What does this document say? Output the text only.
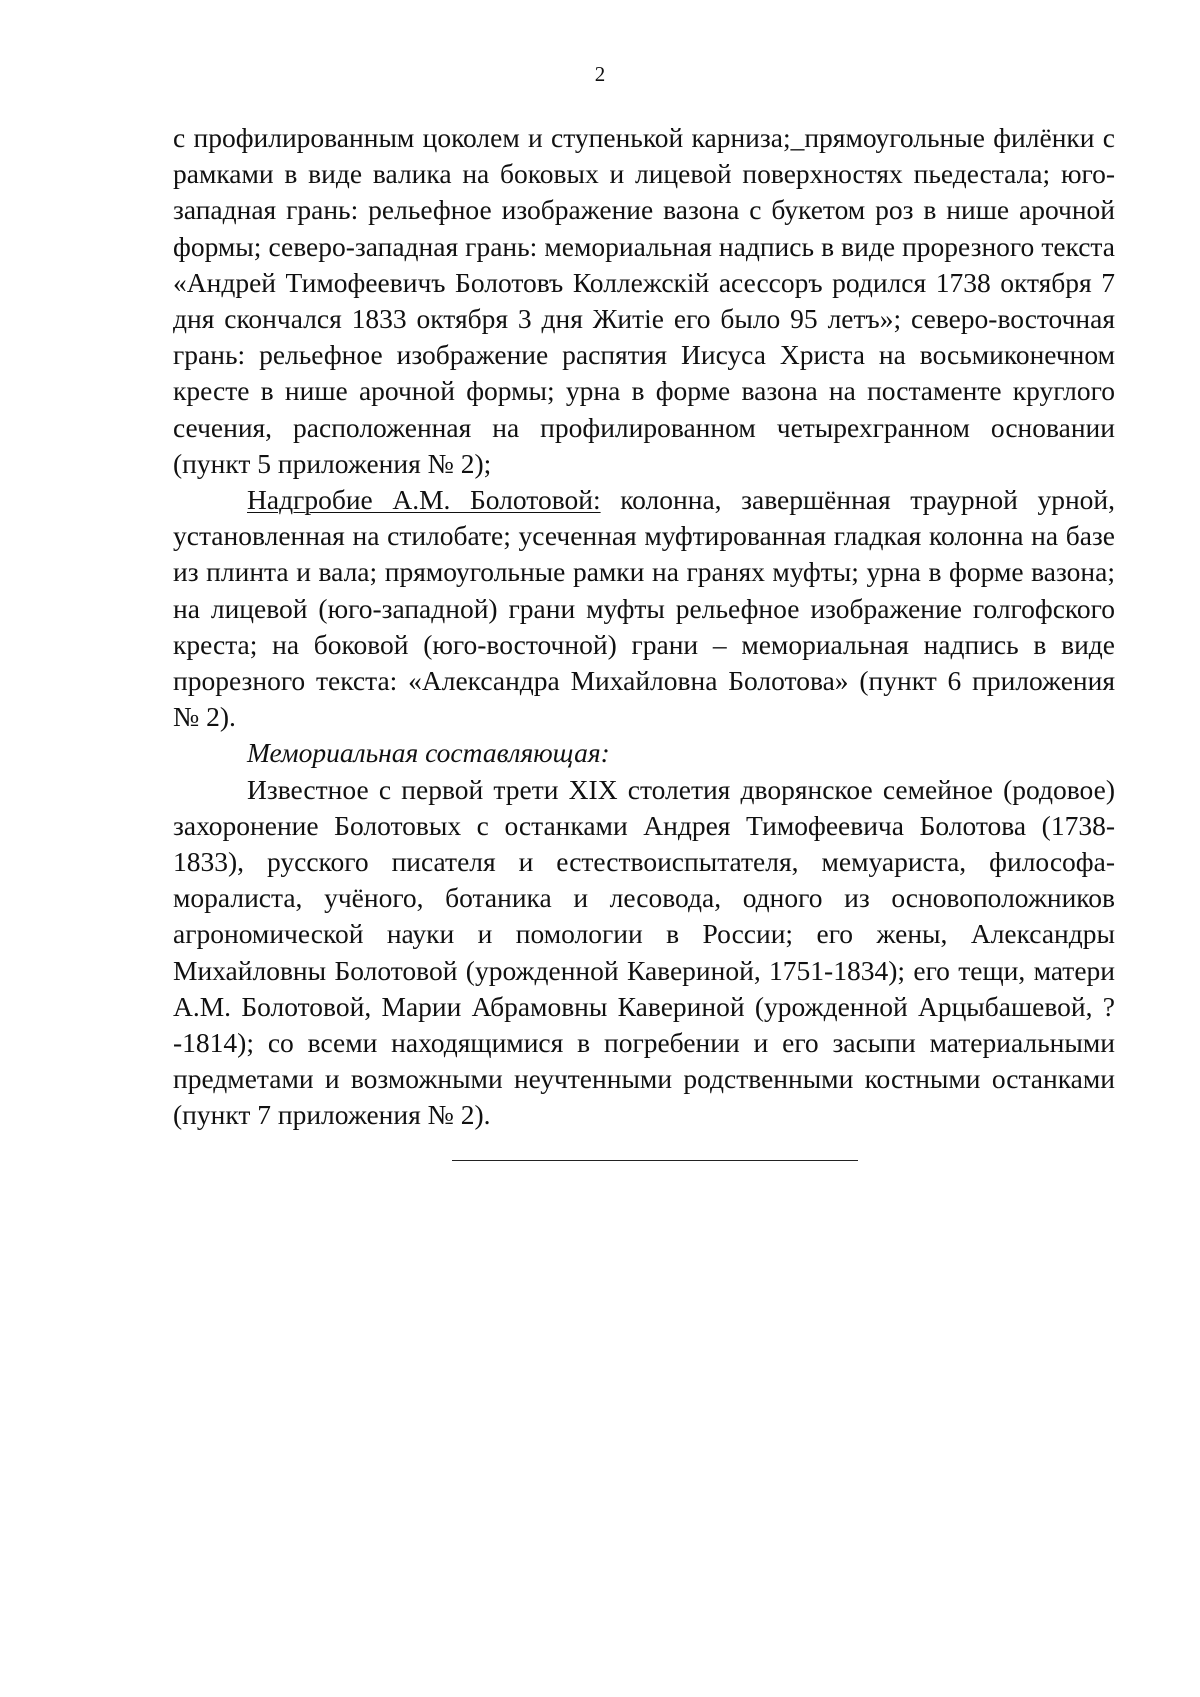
2

с профилированным цоколем и ступенькой карниза;_прямоугольные филёнки с рамками в виде валика на боковых и лицевой поверхностях пьедестала; юго-западная грань: рельефное изображение вазона с букетом роз в нише арочной формы; северо-западная грань: мемориальная надпись в виде прорезного текста «Андрей Тимофеевичъ Болотовъ Коллежскiй асессоръ родился 1738 октября 7 дня скончался 1833 октября 3 дня Житiе его было 95 летъ»; северо-восточная грань: рельефное изображение распятия Иисуса Христа на восьмиконечном кресте в нише арочной формы; урна в форме вазона на постаменте круглого сечения, расположенная на профилированном четырехгранном основании (пункт 5 приложения № 2);

Надгробие А.М. Болотовой: колонна, завершённая траурной урной, установленная на стилобате; усеченная муфтированная гладкая колонна на базе из плинта и вала; прямоугольные рамки на гранях муфты; урна в форме вазона; на лицевой (юго-западной) грани муфты рельефное изображение голгофского креста; на боковой (юго-восточной) грани – мемориальная надпись в виде прорезного текста: «Александра Михайловна Болотова» (пункт 6 приложения № 2).

Мемориальная составляющая:

Известное с первой трети XIX столетия дворянское семейное (родовое) захоронение Болотовых с останками Андрея Тимофеевича Болотова (1738-1833), русского писателя и естествоиспытателя, мемуариста, философа-моралиста, учёного, ботаника и лесовода, одного из основоположников агрономической науки и помологии в России; его жены, Александры Михайловны Болотовой (урожденной Кавериной, 1751-1834); его тещи, матери А.М. Болотовой, Марии Абрамовны Кавериной (урожденной Арцыбашевой, ?-1814); со всеми находящимися в погребении и его засыпи материальными предметами и возможными неучтенными родственными костными останками (пункт 7 приложения № 2).
